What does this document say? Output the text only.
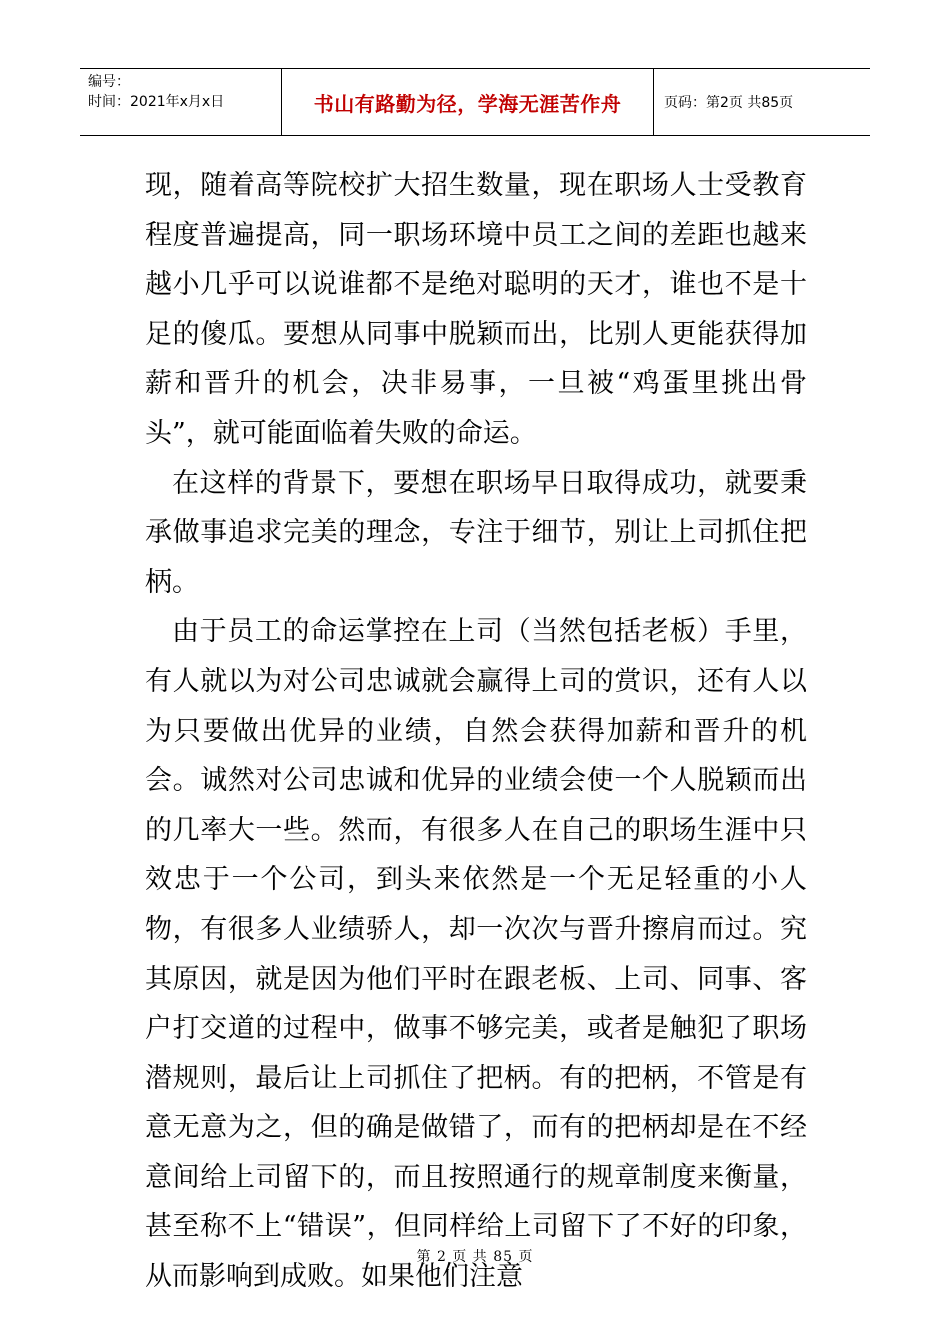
编号：
时间：2021年x月x日	书山有路勤为径，学海无涯苦作舟	页码：第2页 共85页

现，随着高等院校扩大招生数量，现在职场人士受教育程度普遍提高，同一职场环境中员工之间的差距也越来越小几乎可以说谁都不是绝对聪明的天才，谁也不是十足的傻瓜。要想从同事中脱颖而出，比别人更能获得加薪和晋升的机会，决非易事，一旦被“鸡蛋里挑出骨头”，就可能面临着失败的命运。

在这样的背景下，要想在职场早日取得成功，就要秉承做事追求完美的理念，专注于细节，别让上司抓住把柄。

由于员工的命运掌控在上司（当然包括老板）手里，有人就以为对公司忠诚就会赢得上司的赏识，还有人以为只要做出优异的业绩，自然会获得加薪和晋升的机会。诚然对公司忠诚和优异的业绩会使一个人脱颖而出的几率大一些。然而，有很多人在自己的职场生涯中只效忠于一个公司，到头来依然是一个无足轻重的小人物，有很多人业绩骄人，却一次次与晋升擦肩而过。究其原因，就是因为他们平时在跟老板、上司、同事、客户打交道的过程中，做事不够完美，或者是触犯了职场潜规则，最后让上司抓住了把柄。有的把柄，不管是有意无意为之，但的确是做错了，而有的把柄却是在不经意间给上司留下的，而且按照通行的规章制度来衡量，甚至称不上“错误”，但同样给上司留下了不好的印象，从而影响到成败。如果他们注意

第 2 页 共 85 页
